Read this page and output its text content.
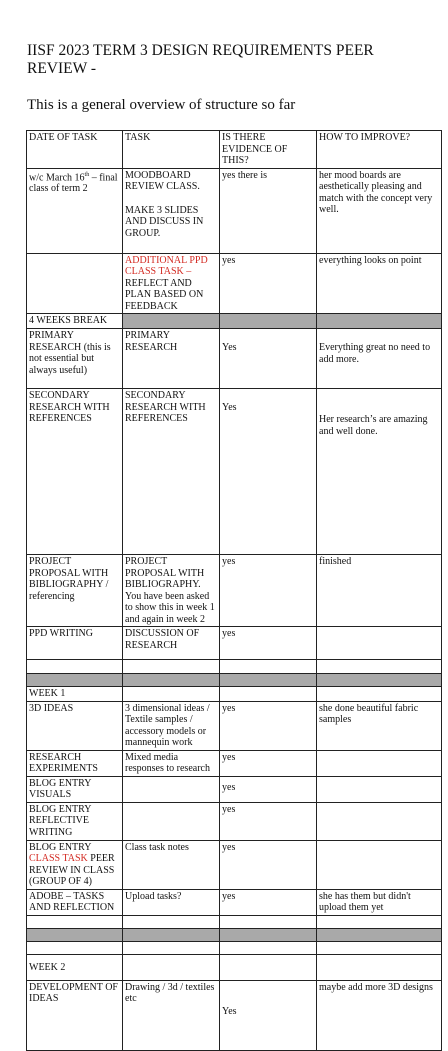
IISF 2023 TERM 3 DESIGN REQUIREMENTS PEER REVIEW -
This is a general overview of structure so far
DATE OF TASK	TASK	IS THERE EVIDENCE OF THIS?	HOW TO IMPROVE?
w/c March 16th – final class of term 2	MOODBOARD REVIEW CLASS.
MAKE 3 SLIDES AND DISCUSS IN GROUP.	yes there is	her mood boards are aesthetically pleasing and match with the concept very well.
	ADDITIONAL PPD CLASS TASK – REFLECT AND PLAN BASED ON FEEDBACK	yes	everything looks on point
4 WEEKS BREAK			
PRIMARY RESEARCH (this is not essential but always useful)	PRIMARY RESEARCH	Yes	Everything great no need to add more.

SECONDARY RESEARCH WITH REFERENCES	SECONDARY RESEARCH WITH REFERENCES	Yes	Her research’s are amazing and well done.

PROJECT PROPOSAL WITH BIBLIOGRAPHY / referencing	PROJECT PROPOSAL WITH BIBLIOGRAPHY. You have been asked to show this in week 1 and again in week 2	yes	finished
PPD WRITING	DISCUSSION OF RESEARCH	yes	

WEEK 1			
3D IDEAS	3 dimensional ideas / Textile samples / accessory models or mannequin work	yes	she done beautiful fabric samples
RESEARCH EXPERIMENTS	Mixed media responses to research	yes	
BLOG ENTRY VISUALS		yes	

BLOG ENTRY REFLECTIVE WRITING		yes	
BLOG ENTRY
CLASS TASK PEER REVIEW IN CLASS (GROUP OF 4)	Class task notes	yes	
ADOBE – TASKS AND REFLECTION	Upload tasks?	yes	she has them but didn't upload them yet

WEEK 2			

DEVELOPMENT OF IDEAS	Drawing / 3d / textiles etc	Yes	maybe add more 3D designs
